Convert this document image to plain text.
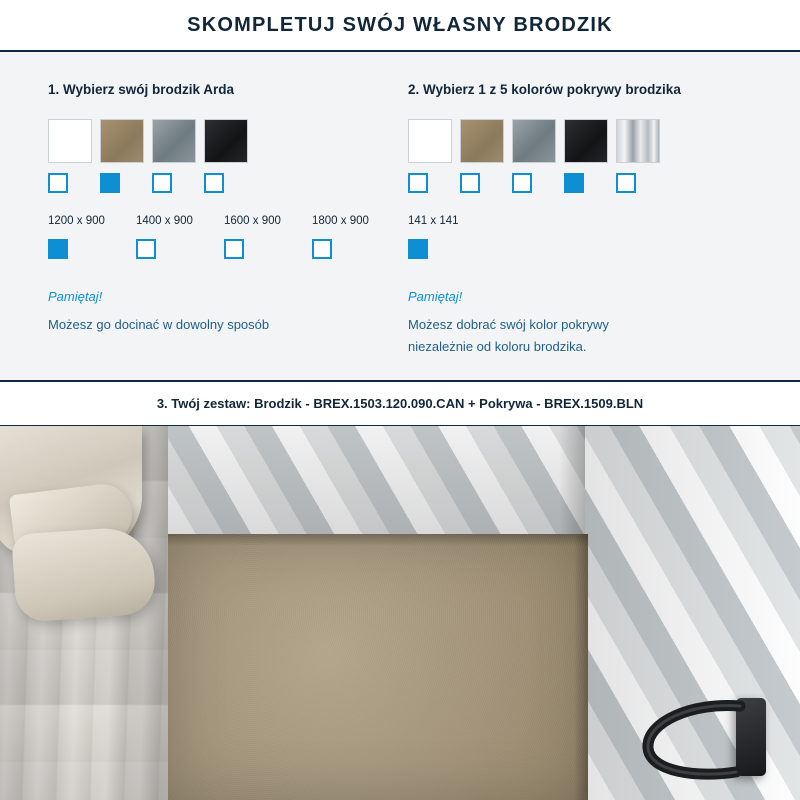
SKOMPLETUJ SWÓJ WŁASNY BRODZIK
1. Wybierz swój brodzik Arda
1200 x 900	1400 x 900	1600 x 900	1800 x 900
Pamiętaj!
Możesz go docinać w dowolny sposób
2. Wybierz 1 z 5 kolorów pokrywy brodzika
141 x 141
Pamiętaj!
Możesz dobrać swój kolor pokrywy
niezależnie od koloru brodzika.
3. Twój zestaw: Brodzik - BREX.1503.120.090.CAN + Pokrywa - BREX.1509.BLN
